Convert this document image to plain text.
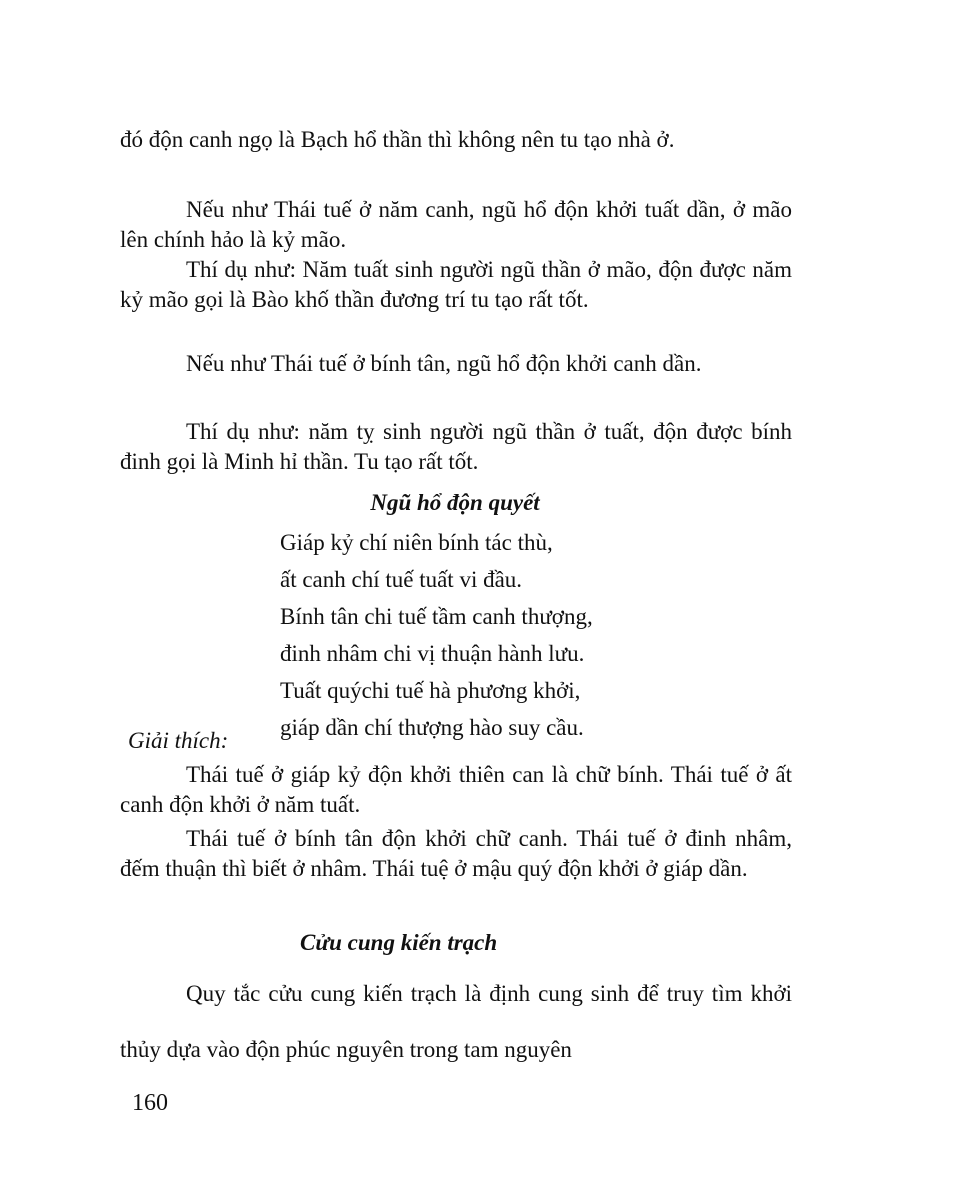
đó độn canh ngọ là Bạch hổ thần thì không nên tu tạo nhà ở.

Nếu như Thái tuế ở năm canh, ngũ hổ độn khởi tuất dần, ở mão lên chính hảo là kỷ mão.

Thí dụ như: Năm tuất sinh người ngũ thần ở mão, độn được năm kỷ mão gọi là Bào khố thần đương trí tu tạo rất tốt.

Nếu như Thái tuế ở bính tân, ngũ hổ độn khởi canh dần.

Thí dụ như: năm tỵ sinh người ngũ thần ở tuất, độn được bính đinh gọi là Minh hỉ thần. Tu tạo rất tốt.

Ngũ hổ độn quyết
Giáp kỷ chí niên bính tác thù,
ất canh chí tuế tuất vi đầu.
Bính tân chi tuế tầm canh thượng,
đinh nhâm chi vị thuận hành lưu.
Tuất quýchi tuế hà phương khởi,
giáp dần chí thượng hào suy cầu.
Giải thích:

Thái tuế ở giáp kỷ độn khởi thiên can là chữ bính. Thái tuế ở ất canh độn khởi ở năm tuất.

Thái tuế ở bính tân độn khởi chữ canh. Thái tuế ở đinh nhâm, đếm thuận thì biết ở nhâm. Thái tuệ ở mậu quý độn khởi ở giáp dần.

Cửu cung kiến trạch

Quy tắc cửu cung kiến trạch là định cung sinh để truy tìm khởi thủy dựa vào độn phúc nguyên trong tam nguyên

160
